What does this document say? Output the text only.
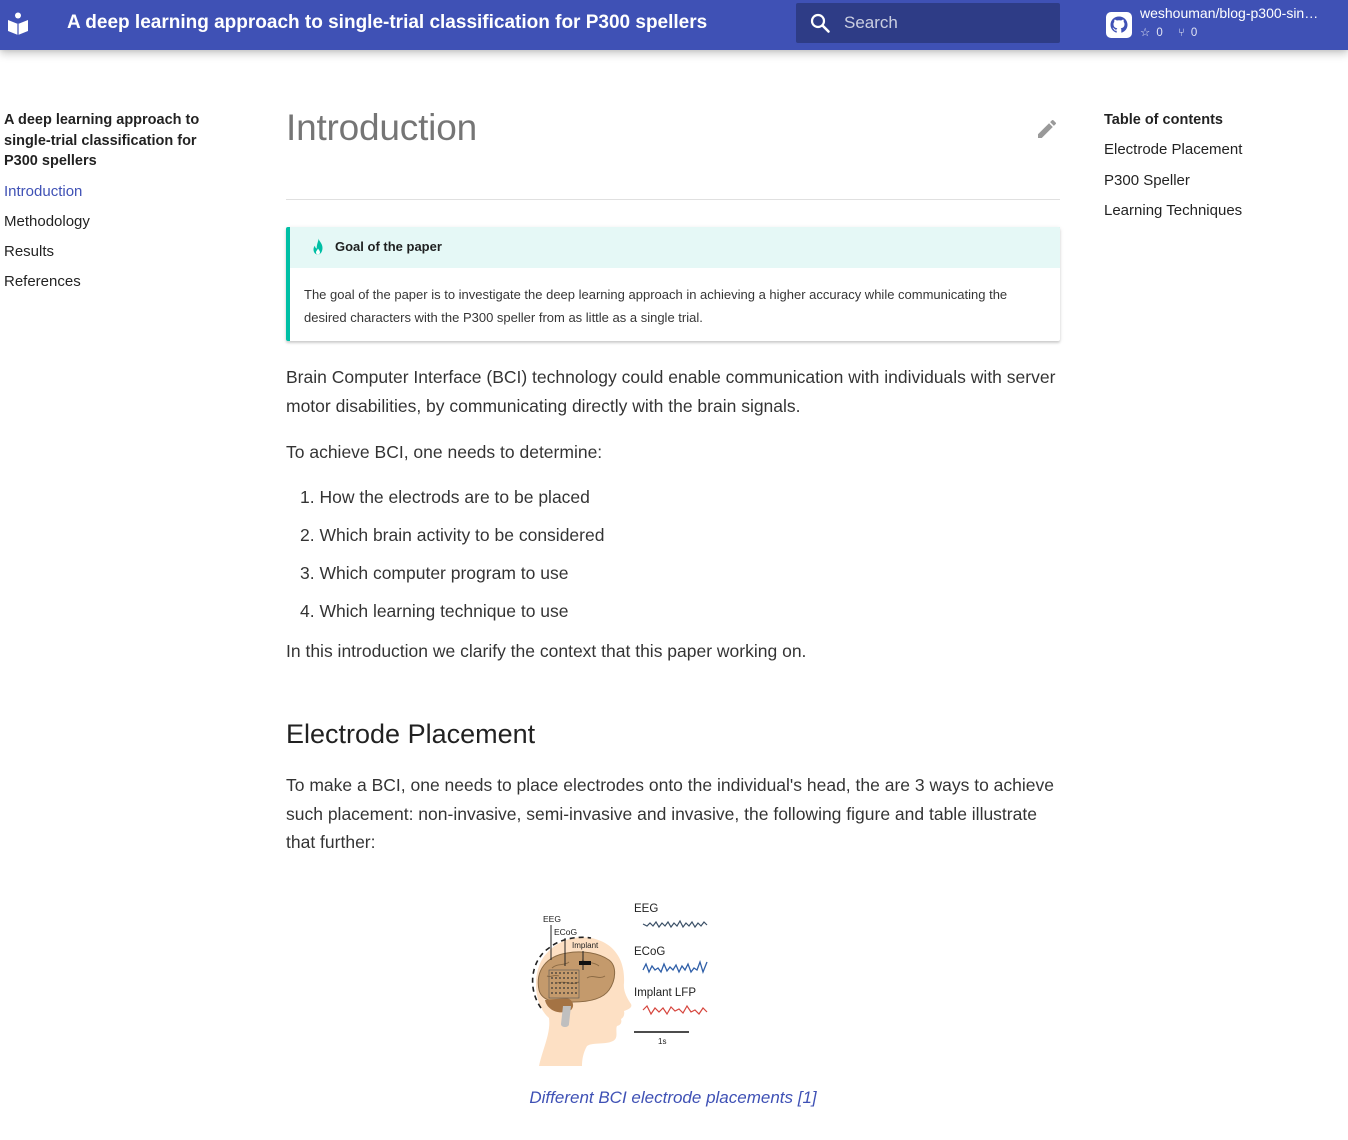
A deep learning approach to single-trial classification for P300 spellers
Search	weshouman/blog-p300-sin…
☆ 0 ⑂ 0
A deep learning approach to single-trial classification for P300 spellers
Introduction
Methodology
Results
References
Table of contents
Electrode Placement
P300 Speller
Learning Techniques
Introduction
Goal of the paper
The goal of the paper is to investigate the deep learning approach in achieving a higher accuracy while communicating the desired characters with the P300 speller from as little as a single trial.

Brain Computer Interface (BCI) technology could enable communication with individuals with server motor disabilities, by communicating directly with the brain signals.

To achieve BCI, one needs to determine:

1. How the electrods are to be placed
2. Which brain activity to be considered
3. Which computer program to use
4. Which learning technique to use

In this introduction we clarify the context that this paper working on.

Electrode Placement

To make a BCI, one needs to place electrodes onto the individual's head, the are 3 ways to achieve such placement: non-invasive, semi-invasive and invasive, the following figure and table illustrate that further:

EEG
ECoG
Implant
EEG
ECoG
Implant LFP
1s
Different BCI electrode placements [1]
